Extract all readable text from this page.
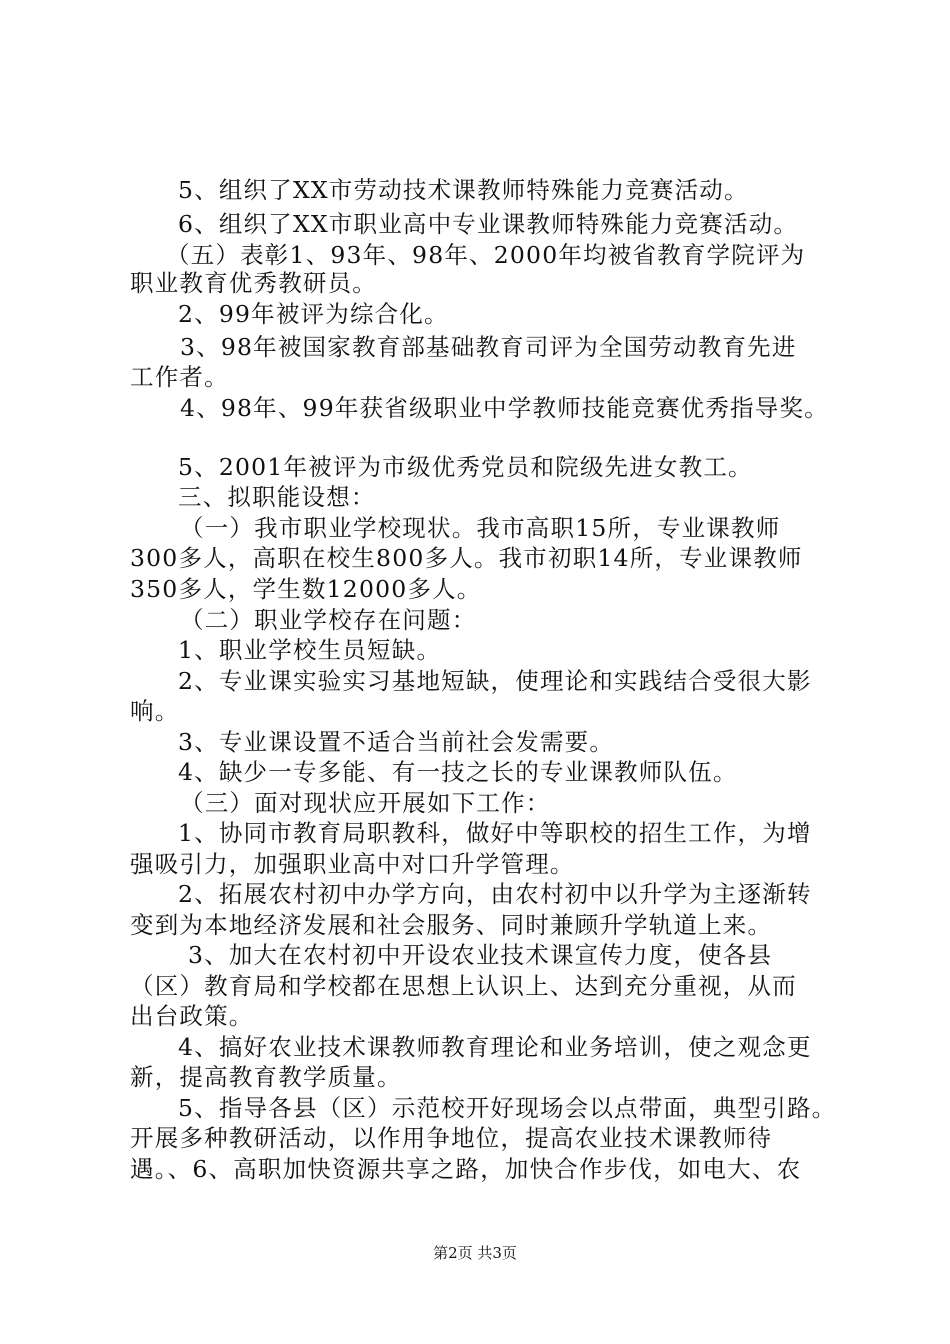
5、组织了XX市劳动技术课教师特殊能力竞赛活动。
6、组织了XX市职业高中专业课教师特殊能力竞赛活动。
（五）表彰1、93年、98年、2000年均被省教育学院评为
职业教育优秀教研员。
2、99年被评为综合化。
3、98年被国家教育部基础教育司评为全国劳动教育先进
工作者。
4、98年、99年获省级职业中学教师技能竞赛优秀指导奖。
5、2001年被评为市级优秀党员和院级先进女教工。
三、拟职能设想：
（一）我市职业学校现状。我市高职15所，专业课教师
300多人，高职在校生800多人。我市初职14所，专业课教师
350多人，学生数12000多人。
（二）职业学校存在问题：
1、职业学校生员短缺。
2、专业课实验实习基地短缺，使理论和实践结合受很大影
响。
3、专业课设置不适合当前社会发需要。
4、缺少一专多能、有一技之长的专业课教师队伍。
（三）面对现状应开展如下工作：
1、协同市教育局职教科，做好中等职校的招生工作，为增
强吸引力，加强职业高中对口升学管理。
2、拓展农村初中办学方向，由农村初中以升学为主逐渐转
变到为本地经济发展和社会服务、同时兼顾升学轨道上来。
3、加大在农村初中开设农业技术课宣传力度，使各县
（区）教育局和学校都在思想上认识上、达到充分重视，从而
出台政策。
4、搞好农业技术课教师教育理论和业务培训，使之观念更
新，提高教育教学质量。
5、指导各县（区）示范校开好现场会以点带面，典型引路。
开展多种教研活动，以作用争地位，提高农业技术课教师待
遇。、6、高职加快资源共享之路，加快合作步伐，如电大、农
第2页 共3页
